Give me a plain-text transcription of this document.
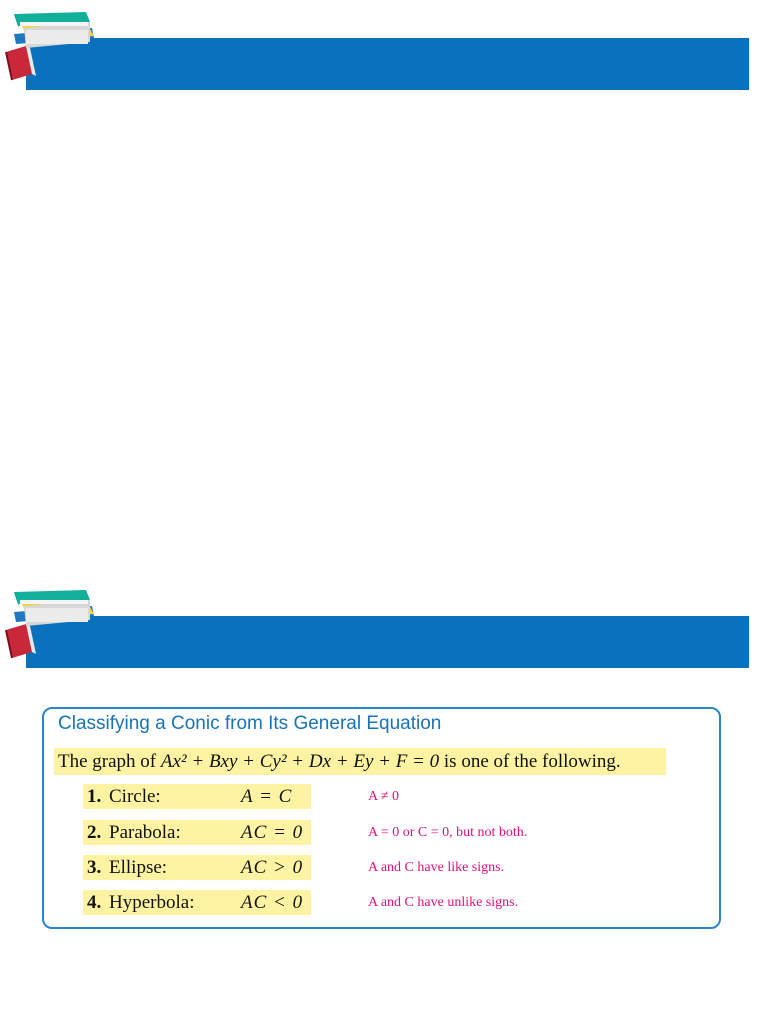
Classifying a Conic from Its General Equation
The graph of Ax² + Bxy + Cy² + Dx + Ey + F = 0 is one of the following.
1. Circle:	A = C	A ≠ 0
2. Parabola:	AC = 0	A = 0 or C = 0, but not both.
3. Ellipse:	AC > 0	A and C have like signs.
4. Hyperbola: AC < 0	A and C have unlike signs.
